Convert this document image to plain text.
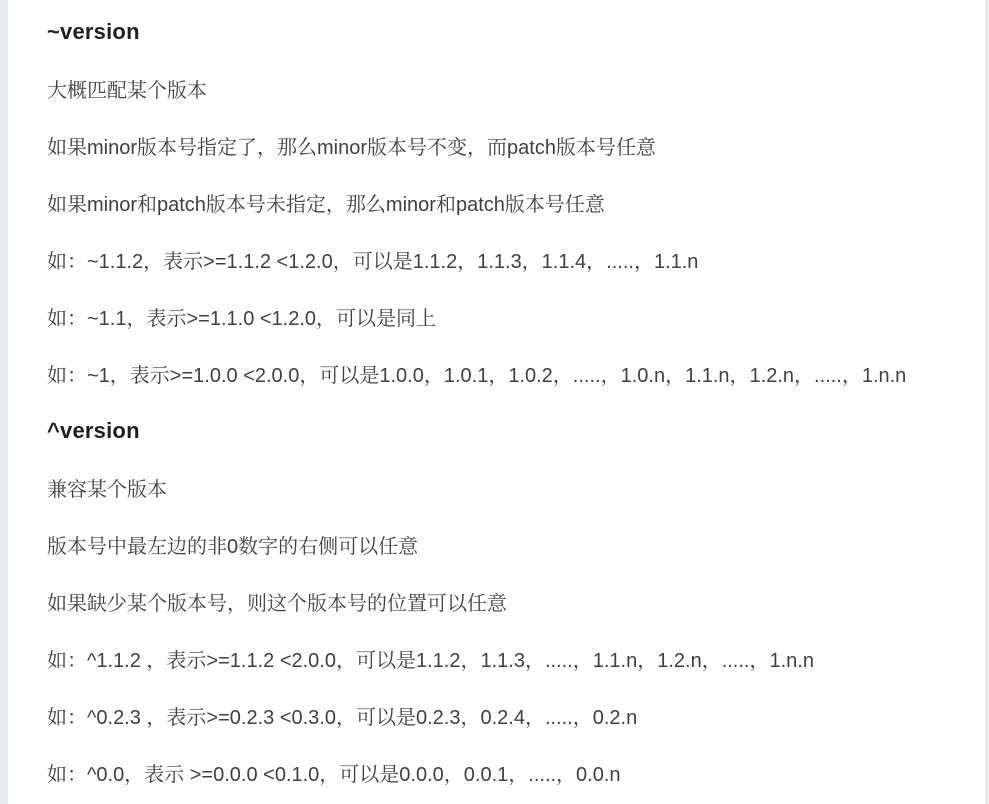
~version

大概匹配某个版本

如果minor版本号指定了，那么minor版本号不变，而patch版本号任意

如果minor和patch版本号未指定，那么minor和patch版本号任意

如：~1.1.2，表示>=1.1.2 <1.2.0，可以是1.1.2，1.1.3，1.1.4，.....，1.1.n

如：~1.1，表示>=1.1.0 <1.2.0，可以是同上

如：~1，表示>=1.0.0 <2.0.0，可以是1.0.0，1.0.1，1.0.2，.....，1.0.n，1.1.n，1.2.n，.....，1.n.n

^version

兼容某个版本

版本号中最左边的非0数字的右侧可以任意

如果缺少某个版本号，则这个版本号的位置可以任意

如：^1.1.2 ，表示>=1.1.2 <2.0.0，可以是1.1.2，1.1.3，.....，1.1.n，1.2.n，.....，1.n.n

如：^0.2.3 ，表示>=0.2.3 <0.3.0，可以是0.2.3，0.2.4，.....，0.2.n

如：^0.0，表示 >=0.0.0 <0.1.0，可以是0.0.0，0.0.1，.....，0.0.n
